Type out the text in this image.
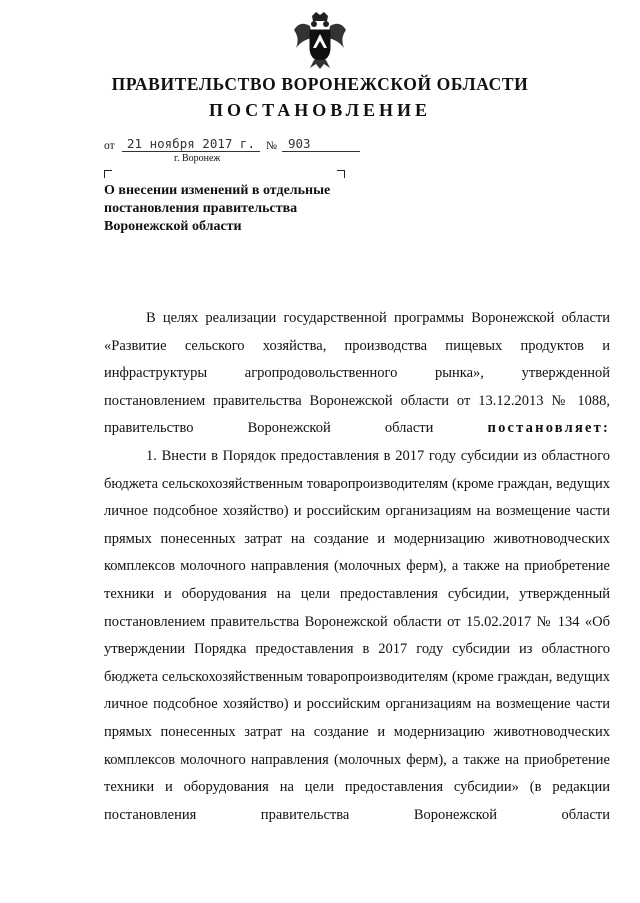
ПРАВИТЕЛЬСТВО ВОРОНЕЖСКОЙ ОБЛАСТИ
ПОСТАНОВЛЕНИЕ
от 21 ноября 2017 г. № 903
г. Воронеж
О внесении изменений в отдельные постановления правительства Воронежской области

В целях реализации государственной программы Воронежской области «Развитие сельского хозяйства, производства пищевых продуктов и инфраструктуры агропродовольственного рынка», утвержденной постановлением правительства Воронежской области от 13.12.2013 № 1088, правительство Воронежской области постановляет:

1. Внести в Порядок предоставления в 2017 году субсидии из областного бюджета сельскохозяйственным товаропроизводителям (кроме граждан, ведущих личное подсобное хозяйство) и российским организациям на возмещение части прямых понесенных затрат на создание и модернизацию животноводческих комплексов молочного направления (молочных ферм), а также на приобретение техники и оборудования на цели предоставления субсидии, утвержденный постановлением правительства Воронежской области от 15.02.2017 № 134 «Об утверждении Порядка предоставления в 2017 году субсидии из областного бюджета сельскохозяйственным товаропроизводителям (кроме граждан, ведущих личное подсобное хозяйство) и российским организациям на возмещение части прямых понесенных затрат на создание и модернизацию животноводческих комплексов молочного направления (молочных ферм), а также на приобретение техники и оборудования на цели предоставления субсидии» (в редакции постановления правительства Воронежской области
